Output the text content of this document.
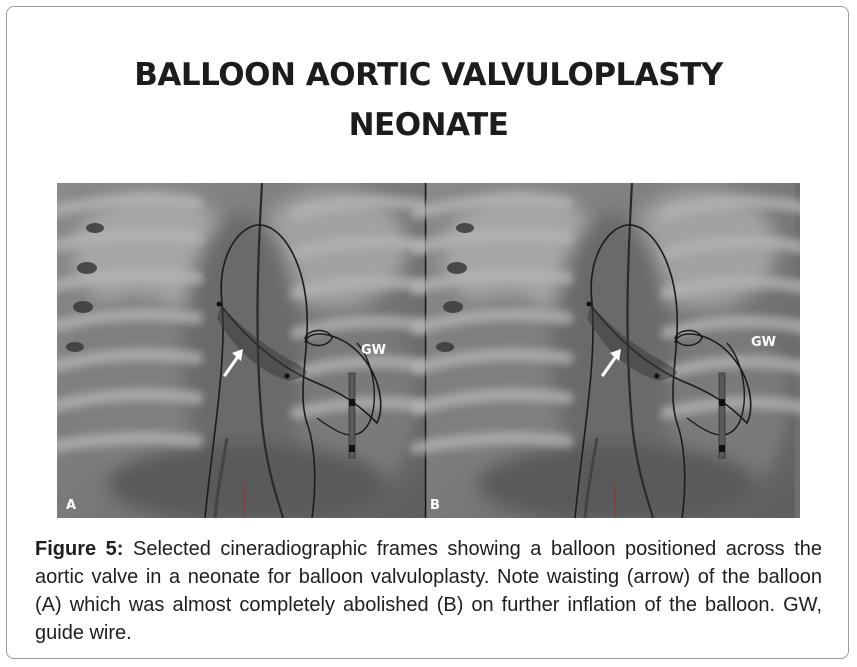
BALLOON AORTIC VALVULOPLASTY
NEONATE
GW
GW
A	B
Figure 5: Selected cineradiographic frames showing a balloon positioned across the aortic valve in a neonate for balloon valvuloplasty. Note waisting (arrow) of the balloon (A) which was almost completely abolished (B) on further inflation of the balloon. GW, guide wire.
